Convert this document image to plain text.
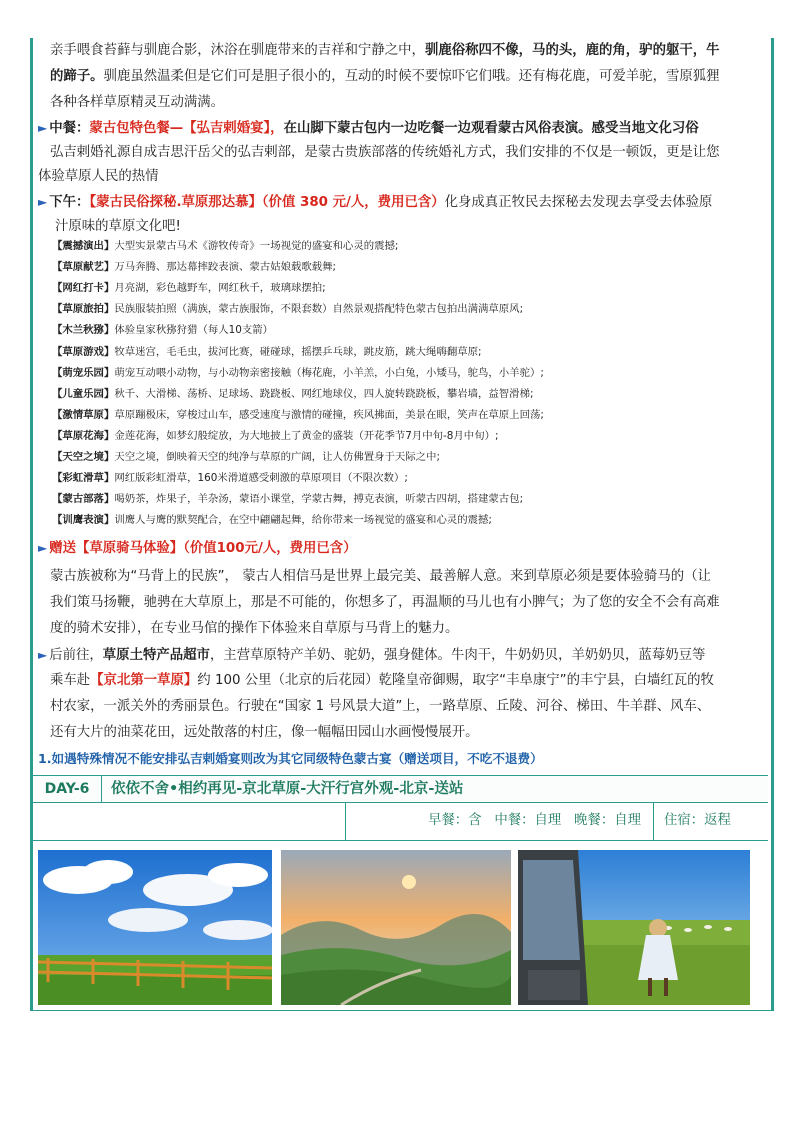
亲手喂食苔藓与驯鹿合影，沐浴在驯鹿带来的吉祥和宁静之中，驯鹿俗称四不像，马的头，鹿的角，驴的躯干，牛
的蹄子。驯鹿虽然温柔但是它们可是胆子很小的，互动的时候不要惊吓它们哦。还有梅花鹿，可爱羊驼，雪原狐狸
各种各样草原精灵互动满满。
► 中餐：蒙古包特色餐—【弘吉剌婚宴】，在山脚下蒙古包内一边吃餐一边观看蒙古风俗表演。感受当地文化习俗
弘吉剌婚礼源自成吉思汗岳父的弘吉剌部，是蒙古贵族部落的传统婚礼方式，我们安排的不仅是一顿饭，更是让您
体验草原人民的热情
► 下午：【蒙古民俗探秘.草原那达慕】（价值 380 元/人，费用已含）化身成真正牧民去探秘去发现去享受去体验原
汁原味的草原文化吧!
【震撼演出】大型实景蒙古马术《游牧传奇》一场视觉的盛宴和心灵的震撼;
【草原献艺】万马奔腾、那达幕摔跤表演、蒙古姑娘载歌载舞;
【网红打卡】月亮湖，彩色越野车，网红秋千，玻璃球摆拍;
【草原旅拍】民族服装拍照（满族，蒙古族服饰，不限套数）自然景观搭配特色蒙古包拍出满满草原风;
【木兰秋猕】体验皇家秋猕狩猎（每人10支箭）
【草原游戏】牧草迷宫，毛毛虫，拔河比赛，碰碰球，摇摆乒乓球，跳皮筋，跳大绳嗨翻草原;
【萌宠乐园】萌宠互动喂小动物，与小动物亲密接触（梅花鹿，小羊羔，小白兔，小矮马，鸵鸟，小羊驼）;
【儿童乐园】秋千、大滑梯、荡桥、足球场、跷跷板、网红地球仪，四人旋转跷跷板，攀岩墙，益智滑梯;
【激情草原】草原蹦极床，穿梭过山车，感受速度与激情的碰撞，疾风拂面，美景在眼，笑声在草原上回荡;
【草原花海】金莲花海，如梦幻般绽放，为大地披上了黄金的盛装（开花季节7月中旬-8月中旬）;
【天空之境】天空之境，倒映着天空的纯净与草原的广阔，让人仿佛置身于天际之中;
【彩虹滑草】网红版彩虹滑草，160米滑道感受刺激的草原项目（不限次数）;
【蒙古部落】喝奶茶，炸果子，羊杂汤，蒙语小课堂，学蒙古舞，搏克表演，听蒙古四胡，搭建蒙古包;
【训鹰表演】训鹰人与鹰的默契配合，在空中翩翩起舞，给你带来一场视觉的盛宴和心灵的震撼;
► 赠送【草原骑马体验】（价值100元/人，费用已含）
蒙古族被称为“马背上的民族”， 蒙古人相信马是世界上最完美、最善解人意。来到草原必须是要体验骑马的（让
我们策马扬鞭，驰骋在大草原上，那是不可能的，你想多了，再温顺的马儿也有小脾气；为了您的安全不会有高难
度的骑术安排），在专业马倌的操作下体验来自草原与马背上的魅力。
► 后前往，草原土特产品超市，主营草原特产羊奶、驼奶，强身健体。牛肉干，牛奶奶贝，羊奶奶贝，蓝莓奶豆等
乘车赴【京北第一草原】约 100 公里（北京的后花园）乾隆皇帝御赐，取字“丰阜康宁”的丰宁县，白墙红瓦的牧
村农家，一派关外的秀丽景色。行驶在“国家 1 号风景大道”上，一路草原、丘陵、河谷、梯田、牛羊群、风车、
还有大片的油菜花田，远处散落的村庄，像一幅幅田园山水画慢慢展开。
1.如遇特殊情况不能安排弘吉剌婚宴则改为其它同级特色蒙古宴（赠送项目，不吃不退费）
DAY-6	依依不舍•相约再见-京北草原-大汗行宫外观-北京-送站
早餐：含 中餐：自理 晚餐：自理	住宿：返程
